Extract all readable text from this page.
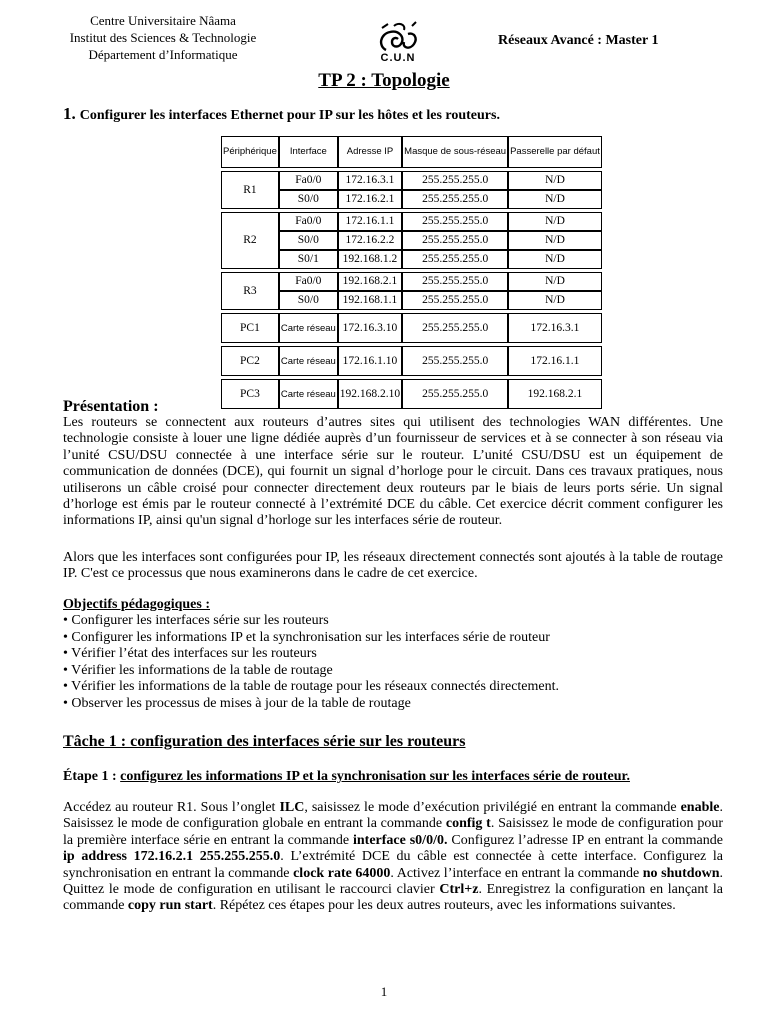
Centre Universitaire Nâama
Institut des Sciences & Technologie
Département d’Informatique	C.U.N
Réseaux Avancé : Master 1
TP 2 : Topologie
1. Configurer les interfaces Ethernet pour IP sur les hôtes et les routeurs.
Périphérique	Interface	Adresse IP	Masque de sous-réseau	Passerelle par défaut

R1	Fa0/0	172.16.3.1	255.255.255.0	N/D
	S0/0	172.16.2.1	255.255.255.0	N/D

R2	Fa0/0	172.16.1.1	255.255.255.0	N/D
	S0/0	172.16.2.2	255.255.255.0	N/D
	S0/1	192.168.1.2	255.255.255.0	N/D

R3	Fa0/0	192.168.2.1	255.255.255.0	N/D
	S0/0	192.168.1.1	255.255.255.0	N/D

PC1	Carte réseau	172.16.3.10	255.255.255.0	172.16.3.1

PC2	Carte réseau	172.16.1.10	255.255.255.0	172.16.1.1

PC3	Carte réseau	192.168.2.10	255.255.255.0	192.168.2.1
Présentation :
Les routeurs se connectent aux routeurs d’autres sites qui utilisent des technologies WAN différentes. Une technologie consiste à louer une ligne dédiée auprès d’un fournisseur de services et à se connecter à son réseau via l’unité CSU/DSU connectée à une interface série sur le routeur. L’unité CSU/DSU est un équipement de communication de données (DCE), qui fournit un signal d’horloge pour le circuit. Dans ces travaux pratiques, nous utiliserons un câble croisé pour connecter directement deux routeurs par le biais de leurs ports série. Un signal d’horloge est émis par le routeur connecté à l’extrémité DCE du câble. Cet exercice décrit comment configurer les informations IP, ainsi qu'un signal d’horloge sur les interfaces série de routeur.
Alors que les interfaces sont configurées pour IP, les réseaux directement connectés sont ajoutés à la table de routage IP. C'est ce processus que nous examinerons dans le cadre de cet exercice.
Objectifs pédagogiques :
• Configurer les interfaces série sur les routeurs
• Configurer les informations IP et la synchronisation sur les interfaces série de routeur
• Vérifier l’état des interfaces sur les routeurs
• Vérifier les informations de la table de routage
• Vérifier les informations de la table de routage pour les réseaux connectés directement.
• Observer les processus de mises à jour de la table de routage
Tâche 1 : configuration des interfaces série sur les routeurs
Étape 1 : configurez les informations IP et la synchronisation sur les interfaces série de routeur.
Accédez au routeur R1. Sous l’onglet ILC, saisissez le mode d’exécution privilégié en entrant la commande enable. Saisissez le mode de configuration globale en entrant la commande config t. Saisissez le mode de configuration pour la première interface série en entrant la commande interface s0/0/0. Configurez l’adresse IP en entrant la commande ip address 172.16.2.1 255.255.255.0. L’extrémité DCE du câble est connectée à cette interface. Configurez la synchronisation en entrant la commande clock rate 64000. Activez l’interface en entrant la commande no shutdown. Quittez le mode de configuration en utilisant le raccourci clavier Ctrl+z. Enregistrez la configuration en lançant la commande copy run start. Répétez ces étapes pour les deux autres routeurs, avec les informations suivantes.
1
